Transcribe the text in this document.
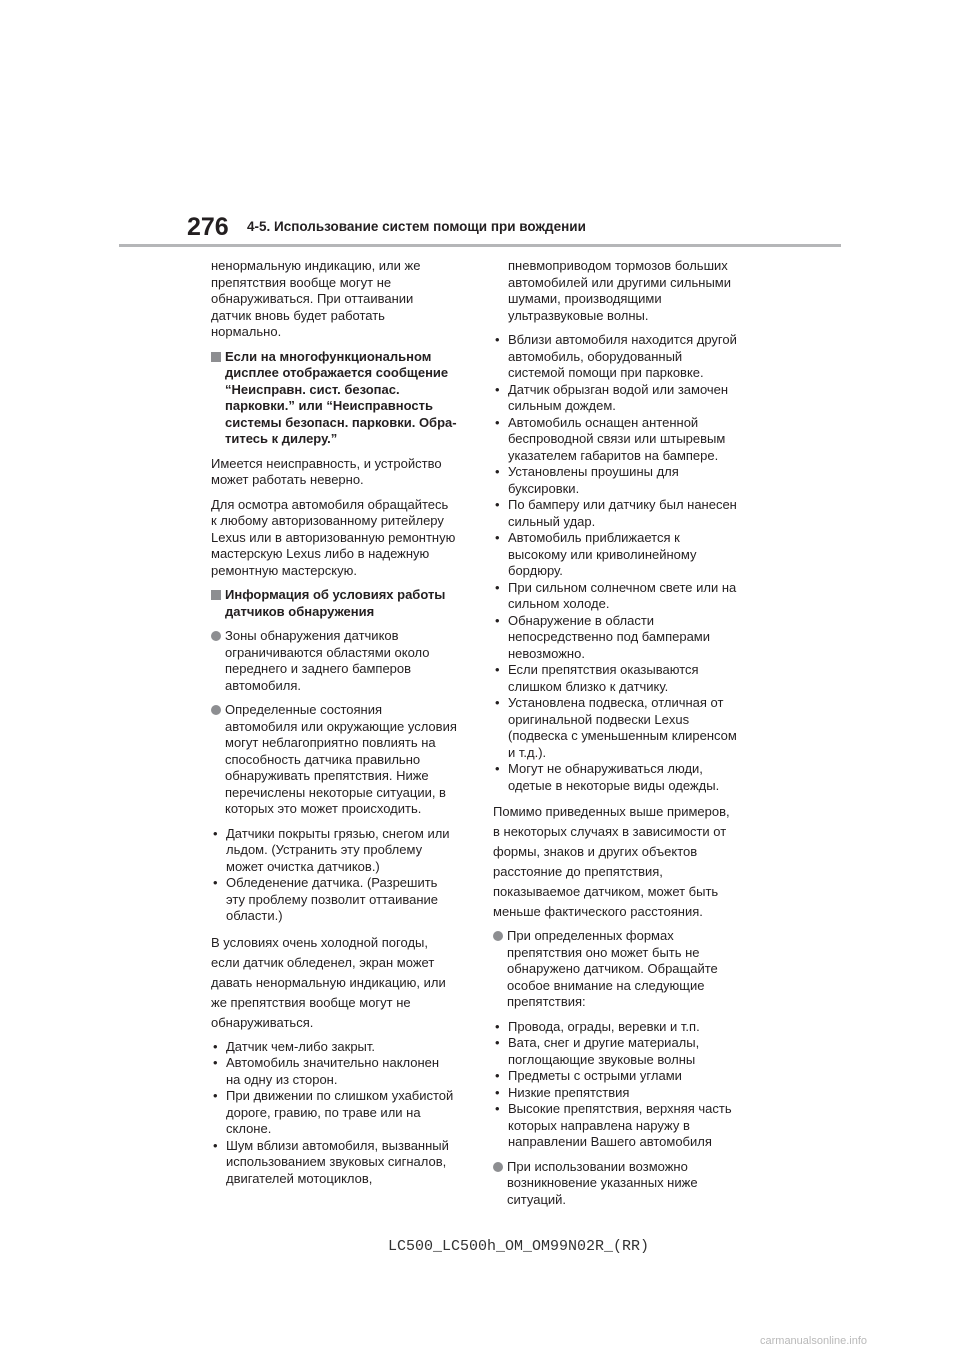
276 4-5. Использование систем помощи при вождении

ненормальную индикацию, или же препятствия вообще могут не обнаруживаться. При оттаивании датчик вновь будет работать нормально.

Если на многофункциональном дисплее отображается сообщение “Неисправн. сист. безопас. парковки.” или “Неисправность системы безопасн. парковки. Обра-титесь к дилеру.”

Имеется неисправность, и устройство может работать неверно.

Для осмотра автомобиля обращайтесь к любому авторизованному ритейлеру Lexus или в авторизованную ремонтную мастерскую Lexus либо в надежную ремонтную мастерскую.

Информация об условиях работы датчиков обнаружения
Зоны обнаружения датчиков ограничиваются областями около переднего и заднего бамперов автомобиля.
Определенные состояния автомобиля или окружающие условия могут неблагоприятно повлиять на способность датчика правильно обнаруживать препятствия. Ниже перечислены некоторые ситуации, в которых это может происходить.
• Датчики покрыты грязью, снегом или льдом. (Устранить эту проблему может очистка датчиков.)
• Обледенение датчика. (Разрешить эту проблему позволит оттаивание области.)

В условиях очень холодной погоды, если датчик обледенел, экран может давать ненормальную индикацию, или же препятствия вообще могут не обнаруживаться.

• Датчик чем-либо закрыт.
• Автомобиль значительно наклонен на одну из сторон.
• При движении по слишком ухабистой дороге, гравию, по траве или на склоне.
• Шум вблизи автомобиля, вызванный использованием звуковых сигналов, двигателей мотоциклов,

пневмоприводом тормозов больших автомобилей или другими сильными шумами, производящими ультразвуковые волны.

• Вблизи автомобиля находится другой автомобиль, оборудованный системой помощи при парковке.
• Датчик обрызган водой или замочен сильным дождем.
• Автомобиль оснащен антенной беспроводной связи или штыревым указателем габаритов на бампере.
• Установлены проушины для буксировки.
• По бамперу или датчику был нанесен сильный удар.
• Автомобиль приближается к высокому или криволинейному бордюру.
• При сильном солнечном свете или на сильном холоде.
• Обнаружение в области непосредственно под бамперами невозможно.
• Если препятствия оказываются слишком близко к датчику.
• Установлена подвеска, отличная от оригинальной подвески Lexus (подвеска с уменьшенным клиренсом и т.д.).
• Могут не обнаруживаться люди, одетые в некоторые виды одежды.

Помимо приведенных выше примеров, в некоторых случаях в зависимости от формы, знаков и других объектов расстояние до препятствия, показываемое датчиком, может быть меньше фактического расстояния.

При определенных формах препятствия оно может быть не обнаружено датчиком. Обращайте особое внимание на следующие препятствия:
• Провода, ограды, веревки и т.п.
• Вата, снег и другие материалы, поглощающие звуковые волны
• Предметы с острыми углами
• Низкие препятствия
• Высокие препятствия, верхняя часть которых направлена наружу в направлении Вашего автомобиля
При использовании возможно возникновение указанных ниже ситуаций.
LC500_LC500h_OM_OM99N02R_(RR)
carmanualsonline.info
